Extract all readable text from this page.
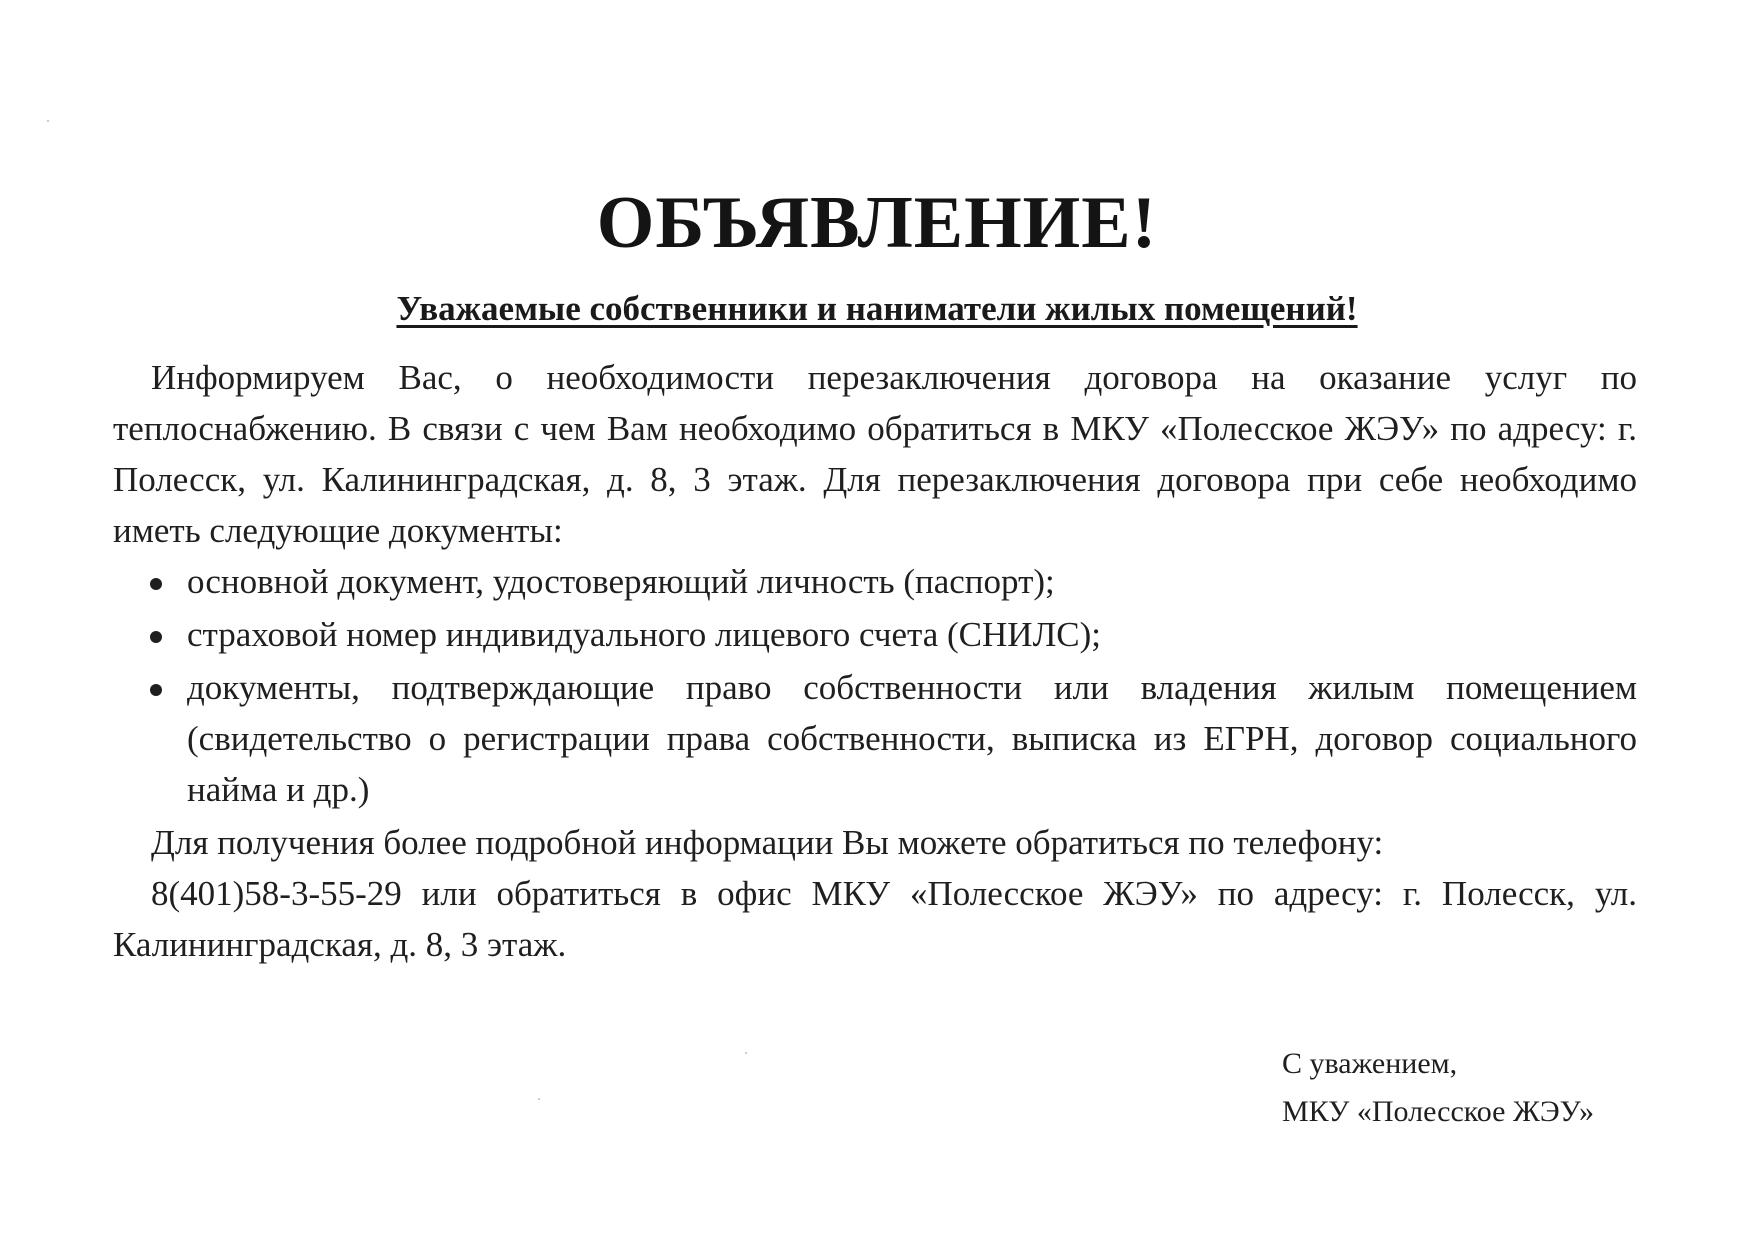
ОБЪЯВЛЕНИЕ!
Уважаемые собственники и наниматели жилых помещений!

Информируем Вас, о необходимости перезаключения договора на оказание услуг по теплоснабжению. В связи с чем Вам необходимо обратиться в МКУ «Полесское ЖЭУ» по адресу: г. Полесск, ул. Калининградская, д. 8, 3 этаж. Для перезаключения договора при себе необходимо иметь следующие документы:

основной документ, удостоверяющий личность (паспорт);
страховой номер индивидуального лицевого счета (СНИЛС);
документы, подтверждающие право собственности или владения жилым помещением (свидетельство о регистрации права собственности, выписка из ЕГРН, договор социального найма и др.)

Для получения более подробной информации Вы можете обратиться по телефону:

8(401)58-3-55-29 или обратиться в офис МКУ «Полесское ЖЭУ» по адресу: г. Полесск, ул. Калининградская, д. 8, 3 этаж.

С уважением,
МКУ «Полесское ЖЭУ»
